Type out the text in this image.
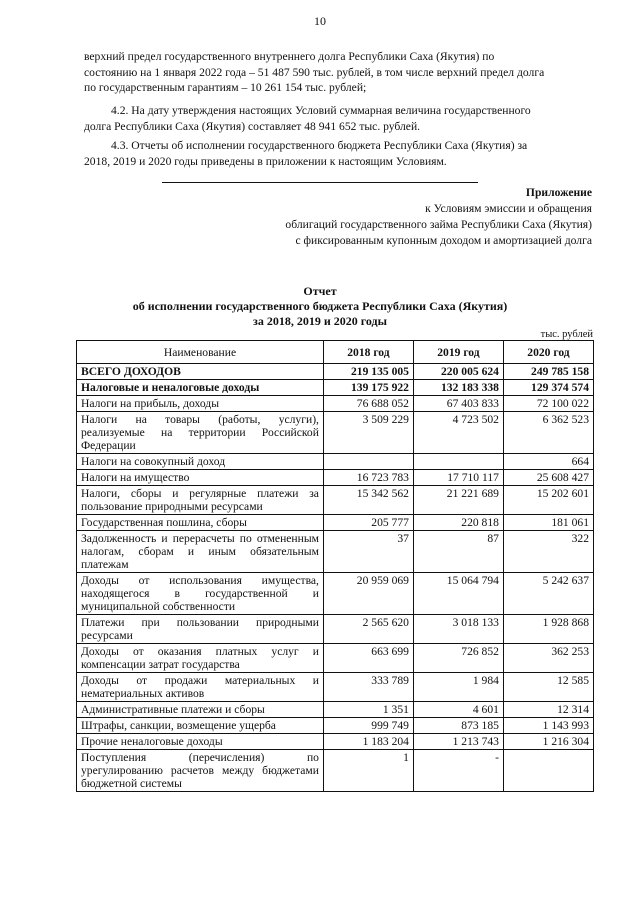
10
верхний предел государственного внутреннего долга Республики Саха (Якутия) по
состоянию на 1 января 2022 года – 51 487 590 тыс. рублей, в том числе верхний предел долга
по государственным гарантиям – 10 261 154 тыс. рублей;
4.2. На дату утверждения настоящих Условий суммарная величина государственного
долга Республики Саха (Якутия) составляет 48 941 652 тыс. рублей.
4.3. Отчеты об исполнении государственного бюджета Республики Саха (Якутия) за
2018, 2019 и 2020 годы приведены в приложении к настоящим Условиям.
Приложение
к Условиям эмиссии и обращения
облигаций государственного займа Республики Саха (Якутия)
с фиксированным купонным доходом и амортизацией долга
Отчет
об исполнении государственного бюджета Республики Саха (Якутия)
за 2018, 2019 и 2020 годы
тыс. рублей
Наименование	2018 год	2019 год	2020 год
ВСЕГО ДОХОДОВ	219 135 005	220 005 624	249 785 158
Налоговые и неналоговые доходы	139 175 922	132 183 338	129 374 574
Налоги на прибыль, доходы	76 688 052	67 403 833	72 100 022
Налоги на товары (работы, услуги), реализуемые на территории Российской Федерации	3 509 229	4 723 502	6 362 523
Налоги на совокупный доход			664
Налоги на имущество	16 723 783	17 710 117	25 608 427
Налоги, сборы и регулярные платежи за пользование природными ресурсами	15 342 562	21 221 689	15 202 601
Государственная пошлина, сборы	205 777	220 818	181 061
Задолженность и перерасчеты по отмененным налогам, сборам и иным обязательным платежам	37	87	322
Доходы от использования имущества, находящегося в государственной и муниципальной собственности	20 959 069	15 064 794	5 242 637
Платежи при пользовании природными ресурсами	2 565 620	3 018 133	1 928 868
Доходы от оказания платных услуг и компенсации затрат государства	663 699	726 852	362 253
Доходы от продажи материальных и нематериальных активов	333 789	1 984	12 585
Административные платежи и сборы	1 351	4 601	12 314
Штрафы, санкции, возмещение ущерба	999 749	873 185	1 143 993
Прочие неналоговые доходы	1 183 204	1 213 743	1 216 304
Поступления (перечисления) по урегулированию расчетов между бюджетами бюджетной системы	1	-	
